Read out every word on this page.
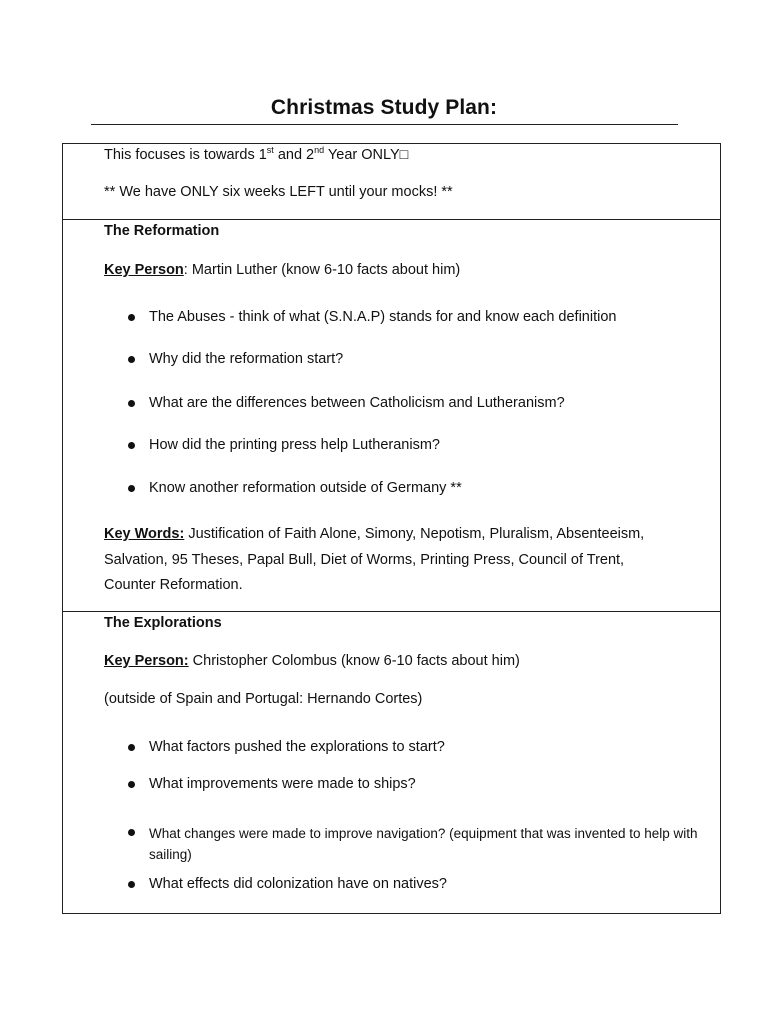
Christmas Study Plan:
This focuses is towards 1st and 2nd Year ONLY□
** We have ONLY six weeks LEFT until your mocks! **
The Reformation
Key Person: Martin Luther (know 6-10 facts about him)
The Abuses - think of what (S.N.A.P) stands for and know each definition
Why did the reformation start?
What are the differences between Catholicism and Lutheranism?
How did the printing press help Lutheranism?
Know another reformation outside of Germany **
Key Words: Justification of Faith Alone, Simony, Nepotism, Pluralism, Absenteeism,
Salvation, 95 Theses, Papal Bull, Diet of Worms, Printing Press, Council of Trent,
Counter Reformation.
The Explorations
Key Person: Christopher Colombus (know 6-10 facts about him)
(outside of Spain and Portugal: Hernando Cortes)
What factors pushed the explorations to start?
What improvements were made to ships?
What changes were made to improve navigation? (equipment that was invented to help with sailing)
What effects did colonization have on natives?
